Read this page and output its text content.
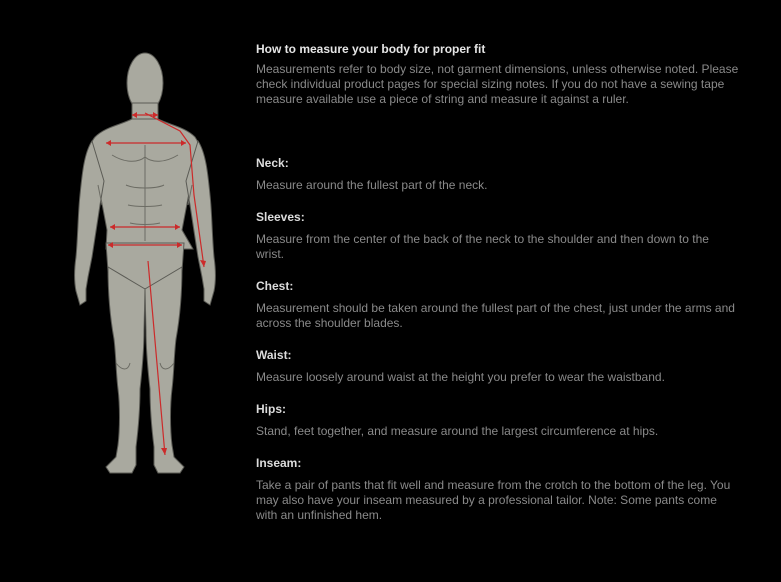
How to measure your body for proper fit

Measurements refer to body size, not garment dimensions, unless otherwise noted. Please check individual product pages for special sizing notes. If you do not have a sewing tape measure available use a piece of string and measure it against a ruler.

Neck:

Measure around the fullest part of the neck.

Sleeves:

Measure from the center of the back of the neck to the shoulder and then down to the wrist.

Chest:

Measurement should be taken around the fullest part of the chest, just under the arms and across the shoulder blades.

Waist:

Measure loosely around waist at the height you prefer to wear the waistband.

Hips:

Stand, feet together, and measure around the largest circumference at hips.

Inseam:

Take a pair of pants that fit well and measure from the crotch to the bottom of the leg. You may also have your inseam measured by a professional tailor. Note: Some pants come with an unfinished hem.
